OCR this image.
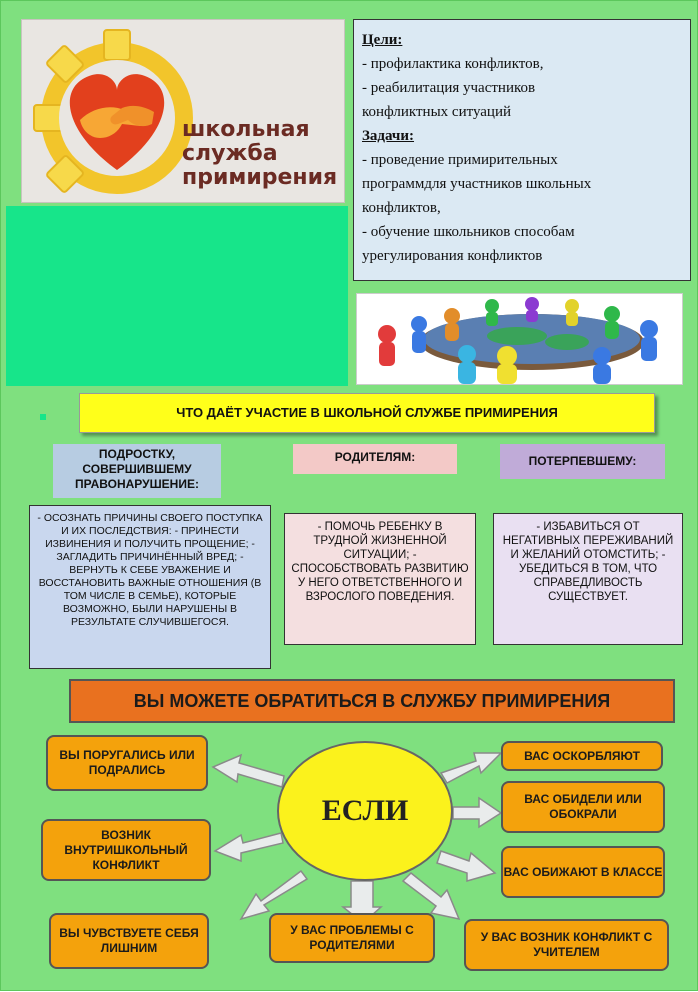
школьная
служба
примирения
Цели:
- профилактика конфликтов,
- реабилитация участников
конфликтных ситуаций
Задачи:
- проведение примирительных
программдля участников школьных
конфликтов,
- обучение школьников способам
урегулирования конфликтов
ЧТО ДАЁТ УЧАСТИЕ В ШКОЛЬНОЙ СЛУЖБЕ ПРИМИРЕНИЯ
ПОДРОСТКУ, СОВЕРШИВШЕМУ ПРАВОНАРУШЕНИЕ:
РОДИТЕЛЯМ:	ПОТЕРПЕВШЕМУ:
- ОСОЗНАТЬ ПРИЧИНЫ СВОЕГО ПОСТУПКА И ИХ ПОСЛЕДСТВИЯ: - ПРИНЕСТИ ИЗВИНЕНИЯ И ПОЛУЧИТЬ ПРОЩЕНИЕ; - ЗАГЛАДИТЬ ПРИЧИНЁННЫЙ ВРЕД; - ВЕРНУТЬ К СЕБЕ УВАЖЕНИЕ И ВОССТАНОВИТЬ ВАЖНЫЕ ОТНОШЕНИЯ (В ТОМ ЧИСЛЕ В СЕМЬЕ), КОТОРЫЕ ВОЗМОЖНО, БЫЛИ НАРУШЕНЫ В РЕЗУЛЬТАТЕ СЛУЧИВШЕГОСЯ.
- ПОМОЧЬ РЕБЕНКУ В ТРУДНОЙ ЖИЗНЕННОЙ СИТУАЦИИ; - СПОСОБСТВОВАТЬ РАЗВИТИЮ У НЕГО ОТВЕТСТВЕННОГО И ВЗРОСЛОГО ПОВЕДЕНИЯ.
- ИЗБАВИТЬСЯ ОТ НЕГАТИВНЫХ ПЕРЕЖИВАНИЙ И ЖЕЛАНИЙ ОТОМСТИТЬ; - УБЕДИТЬСЯ В ТОМ, ЧТО СПРАВЕДЛИВОСТЬ СУЩЕСТВУЕТ.
ВЫ МОЖЕТЕ ОБРАТИТЬСЯ В СЛУЖБУ ПРИМИРЕНИЯ
ЕСЛИ
ВЫ ПОРУГАЛИСЬ ИЛИ ПОДРАЛИСЬ
ВОЗНИК ВНУТРИШКОЛЬНЫЙ КОНФЛИКТ
ВЫ ЧУВСТВУЕТЕ СЕБЯ ЛИШНИМ
У ВАС ПРОБЛЕМЫ С РОДИТЕЛЯМИ
ВАС ОСКОРБЛЯЮТ
ВАС ОБИДЕЛИ ИЛИ ОБОКРАЛИ
ВАС ОБИЖАЮТ В КЛАССЕ
У ВАС ВОЗНИК КОНФЛИКТ С УЧИТЕЛЕМ
